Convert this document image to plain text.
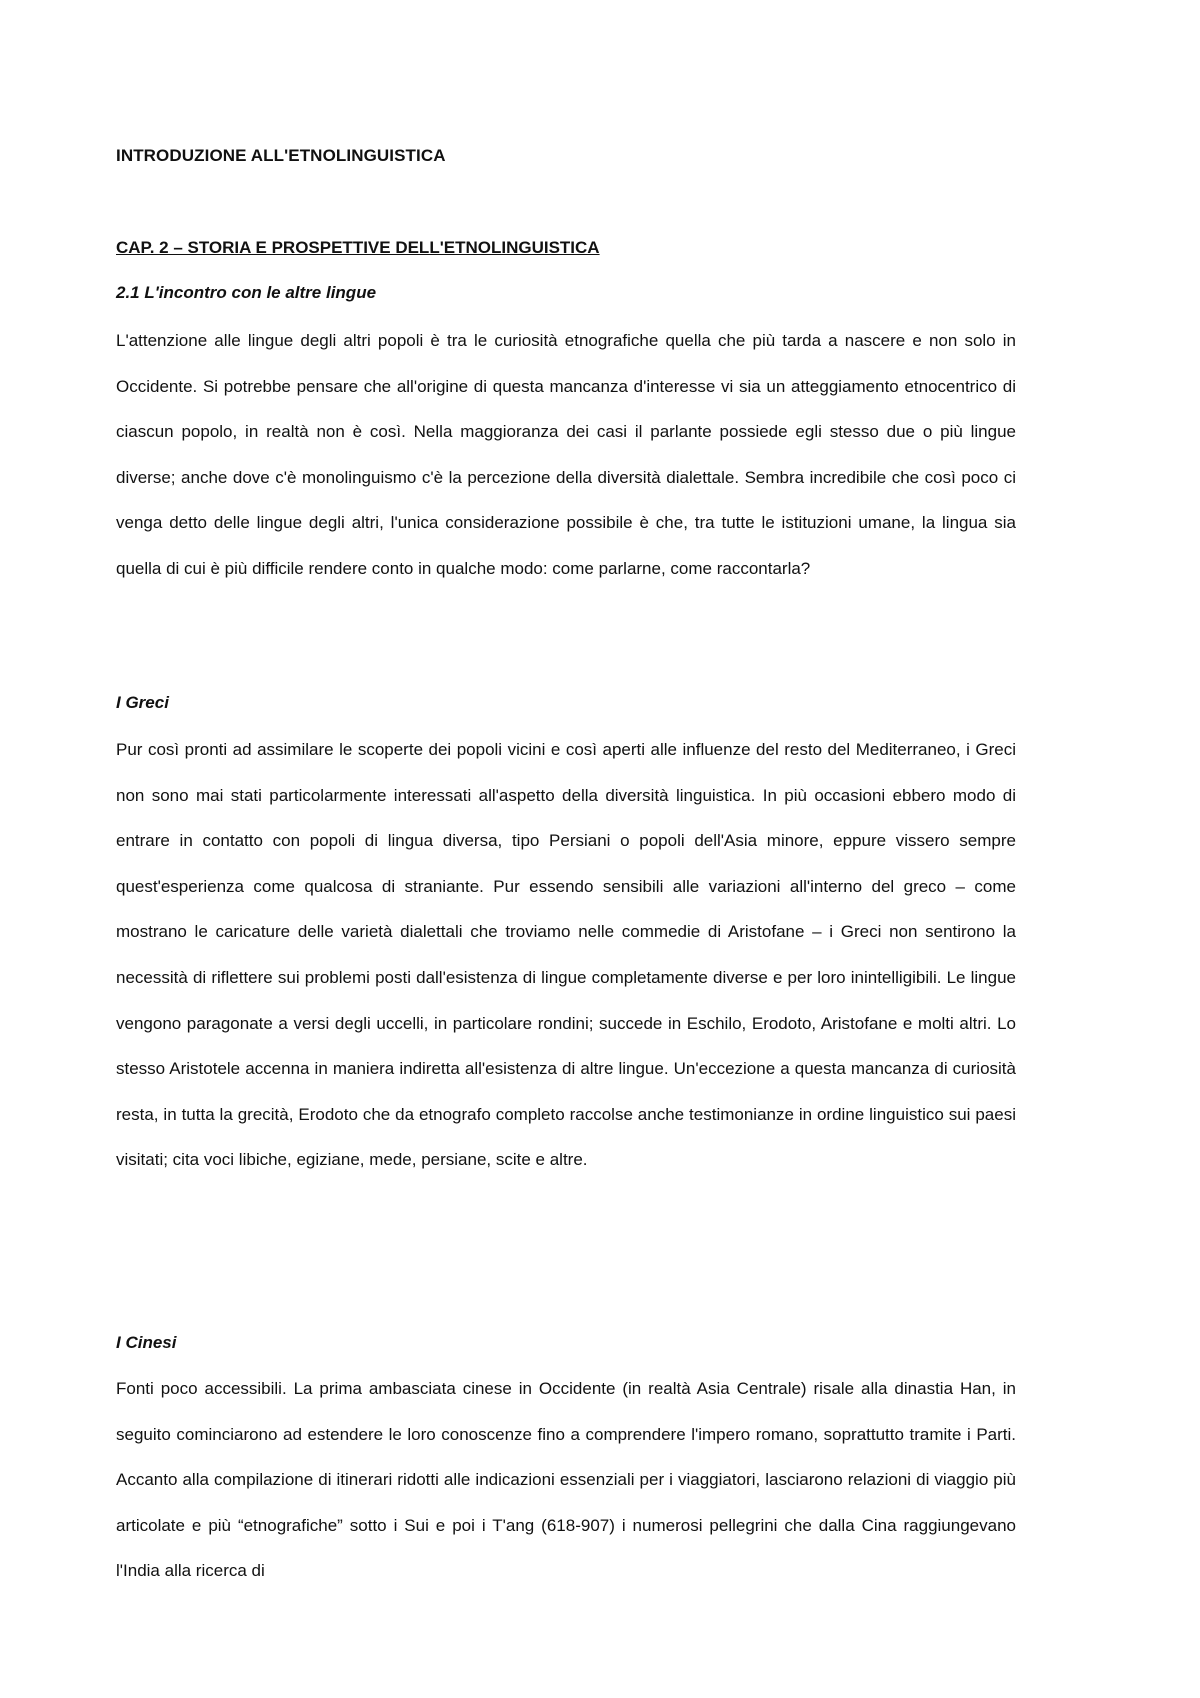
INTRODUZIONE ALL'ETNOLINGUISTICA
CAP. 2 – STORIA E PROSPETTIVE DELL'ETNOLINGUISTICA
2.1 L'incontro con le altre lingue

L'attenzione alle lingue degli altri popoli è tra le curiosità etnografiche quella che più tarda a nascere e non solo in Occidente. Si potrebbe pensare che all'origine di questa mancanza d'interesse vi sia un atteggiamento etnocentrico di ciascun popolo, in realtà non è così. Nella maggioranza dei casi il parlante possiede egli stesso due o più lingue diverse; anche dove c'è monolinguismo c'è la percezione della diversità dialettale. Sembra incredibile che così poco ci venga detto delle lingue degli altri, l'unica considerazione possibile è che, tra tutte le istituzioni umane, la lingua sia quella di cui è più difficile rendere conto in qualche modo: come parlarne, come raccontarla?

I Greci

Pur così pronti ad assimilare le scoperte dei popoli vicini e così aperti alle influenze del resto del Mediterraneo, i Greci non sono mai stati particolarmente interessati all'aspetto della diversità linguistica. In più occasioni ebbero modo di entrare in contatto con popoli di lingua diversa, tipo Persiani o popoli dell'Asia minore, eppure vissero sempre quest'esperienza come qualcosa di straniante. Pur essendo sensibili alle variazioni all'interno del greco – come mostrano le caricature delle varietà dialettali che troviamo nelle commedie di Aristofane – i Greci non sentirono la necessità di riflettere sui problemi posti dall'esistenza di lingue completamente diverse e per loro inintelligibili. Le lingue vengono paragonate a versi degli uccelli, in particolare rondini; succede in Eschilo, Erodoto, Aristofane e molti altri. Lo stesso Aristotele accenna in maniera indiretta all'esistenza di altre lingue. Un'eccezione a questa mancanza di curiosità resta, in tutta la grecità, Erodoto che da etnografo completo raccolse anche testimonianze in ordine linguistico sui paesi visitati; cita voci libiche, egiziane, mede, persiane, scite e altre.

I Cinesi

Fonti poco accessibili. La prima ambasciata cinese in Occidente (in realtà Asia Centrale) risale alla dinastia Han, in seguito cominciarono ad estendere le loro conoscenze fino a comprendere l'impero romano, soprattutto tramite i Parti. Accanto alla compilazione di itinerari ridotti alle indicazioni essenziali per i viaggiatori, lasciarono relazioni di viaggio più articolate e più “etnografiche” sotto i Sui e poi i T'ang (618-907) i numerosi pellegrini che dalla Cina raggiungevano l'India alla ricerca di
